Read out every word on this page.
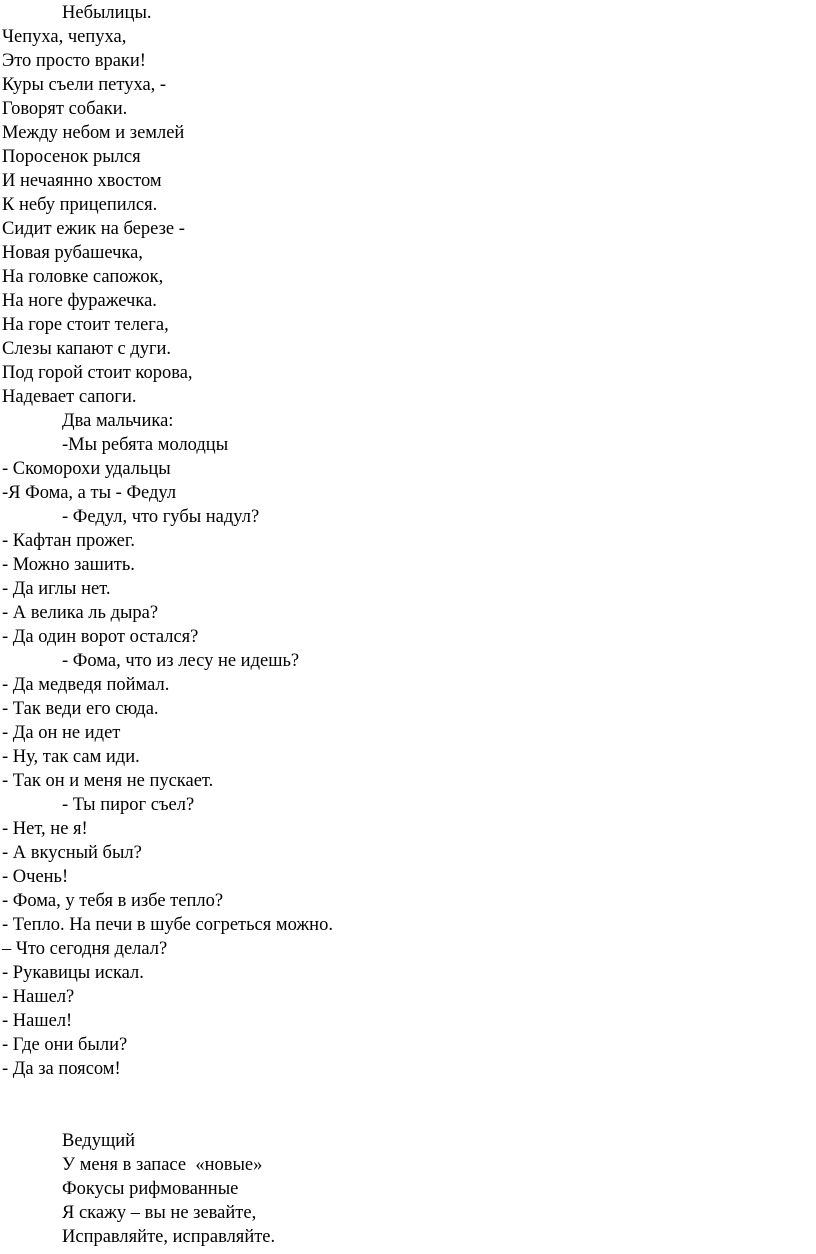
Небылицы.
Чепуха, чепуха,
Это просто враки!
Куры съели петуха, -
Говорят собаки.
Между небом и землей
Поросенок рылся
И нечаянно хвостом
К небу прицепился.
Сидит ежик на березе -
Новая рубашечка,
На головке сапожок,
На ноге фуражечка.
На горе стоит телега,
Слезы капают с дуги.
Под горой стоит корова,
Надевает сапоги.
Два мальчика:
-Мы ребята молодцы
- Скоморохи удальцы
-Я Фома, а ты - Федул
- Федул, что губы надул?
- Кафтан прожег.
- Можно зашить.
- Да иглы нет.
- А велика ль дыра?
- Да один ворот остался?
- Фома, что из лесу не идешь?
- Да медведя поймал.
- Так веди его сюда.
- Да он не идет
- Ну, так сам иди.
- Так он и меня не пускает.
- Ты пирог съел?
- Нет, не я!
- А вкусный был?
- Очень!
- Фома, у тебя в избе тепло?
- Тепло. На печи в шубе согреться можно.
– Что сегодня делал?
- Рукавицы искал.
- Нашел?
- Нашел!
- Где они были?
- Да за поясом!
Ведущий
У меня в запасе  «новые»
Фокусы рифмованные
Я скажу – вы не зевайте,
Исправляйте, исправляйте.
